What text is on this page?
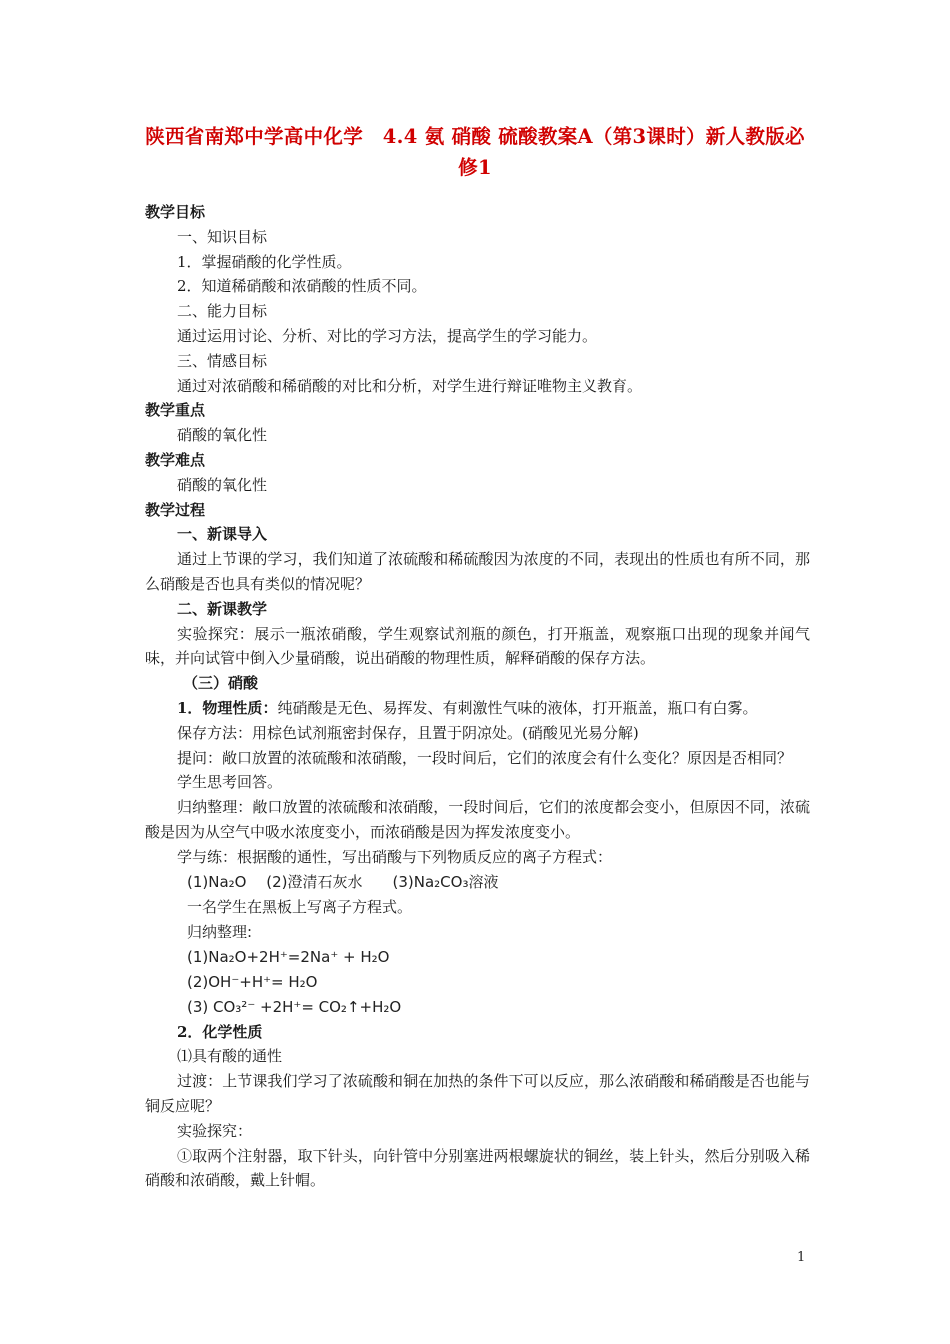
陕西省南郑中学高中化学　4.4 氨 硝酸 硫酸教案A（第3课时）新人教版必修1
教学目标
一、知识目标
1．掌握硝酸的化学性质。
2．知道稀硝酸和浓硝酸的性质不同。
二、能力目标
通过运用讨论、分析、对比的学习方法，提高学生的学习能力。
三、情感目标
通过对浓硝酸和稀硝酸的对比和分析，对学生进行辩证唯物主义教育。
教学重点
硝酸的氧化性
教学难点
硝酸的氧化性
教学过程
一、新课导入
通过上节课的学习，我们知道了浓硫酸和稀硫酸因为浓度的不同，表现出的性质也有所不同，那么硝酸是否也具有类似的情况呢？
二、新课教学
实验探究：展示一瓶浓硝酸，学生观察试剂瓶的颜色，打开瓶盖，观察瓶口出现的现象并闻气味，并向试管中倒入少量硝酸，说出硝酸的物理性质，解释硝酸的保存方法。
（三）硝酸
1．物理性质：纯硝酸是无色、易挥发、有刺激性气味的液体，打开瓶盖，瓶口有白雾。
保存方法：用棕色试剂瓶密封保存，且置于阴凉处。(硝酸见光易分解)
提问：敞口放置的浓硫酸和浓硝酸，一段时间后，它们的浓度会有什么变化？原因是否相同？
学生思考回答。
归纳整理：敞口放置的浓硫酸和浓硝酸，一段时间后，它们的浓度都会变小，但原因不同，浓硫酸是因为从空气中吸水浓度变小，而浓硝酸是因为挥发浓度变小。
学与练：根据酸的通性，写出硝酸与下列物质反应的离子方程式：
(1)Na₂O　 (2)澄清石灰水　　(3)Na₂CO₃溶液
一名学生在黑板上写离子方程式。
归纳整理:
(1)Na₂O+2H⁺=2Na⁺ + H₂O
(2)OH⁻+H⁺= H₂O
(3) CO₃²⁻ +2H⁺= CO₂↑+H₂O
2．化学性质
⑴具有酸的通性
过渡：上节课我们学习了浓硫酸和铜在加热的条件下可以反应，那么浓硝酸和稀硝酸是否也能与铜反应呢？
实验探究：
①取两个注射器，取下针头，向针管中分别塞进两根螺旋状的铜丝，装上针头，然后分别吸入稀硝酸和浓硝酸，戴上针帽。
1
